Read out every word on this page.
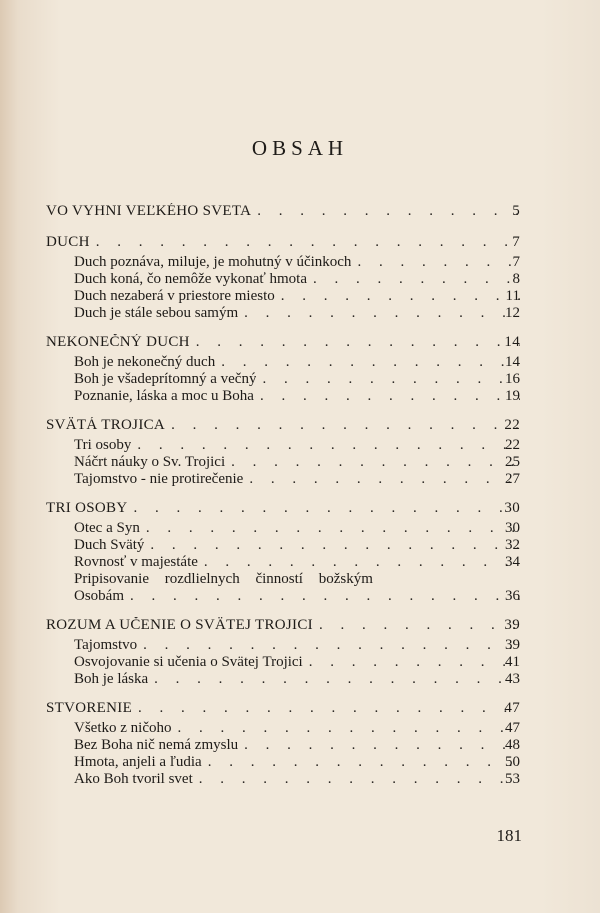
OBSAH
VO VYHNI VEĽKÉHO SVETA . . .	5
DUCH . . .	7
Duch poznáva, miluje, je mohutný v účinkoch . . .	7
Duch koná, čo nemôže vykonať hmota . . .	8
Duch nezaberá v priestore miesto . . .	11
Duch je stále sebou samým . . .	12
NEKONEČNÝ DUCH . . .	14
Boh je nekonečný duch . . .	14
Boh je všadeprítomný a večný . . .	16
Poznanie, láska a moc u Boha . . .	19
SVÄTÁ TROJICA . . .	22
Tri osoby . . .	22
Náčrt náuky o Sv. Trojici . . .	25
Tajomstvo - nie protirečenie . . .	27
TRI OSOBY . . .	30
Otec a Syn . . .	30
Duch Svätý . . .	32
Rovnosť v majestáte . . .	34
Pripisovanie rozdlielnych činností božským
Osobám . . .	36
ROZUM A UČENIE O SVÄTEJ TROJICI . . .	39
Tajomstvo . . .	39
Osvojovanie si učenia o Svätej Trojici . . .	41
Boh je láska . . .	43
STVORENIE . . .	47
Všetko z ničoho . . .	47
Bez Boha nič nemá zmyslu . . .	48
Hmota, anjeli a ľudia . . .	50
Ako Boh tvoril svet . . .	53
181
